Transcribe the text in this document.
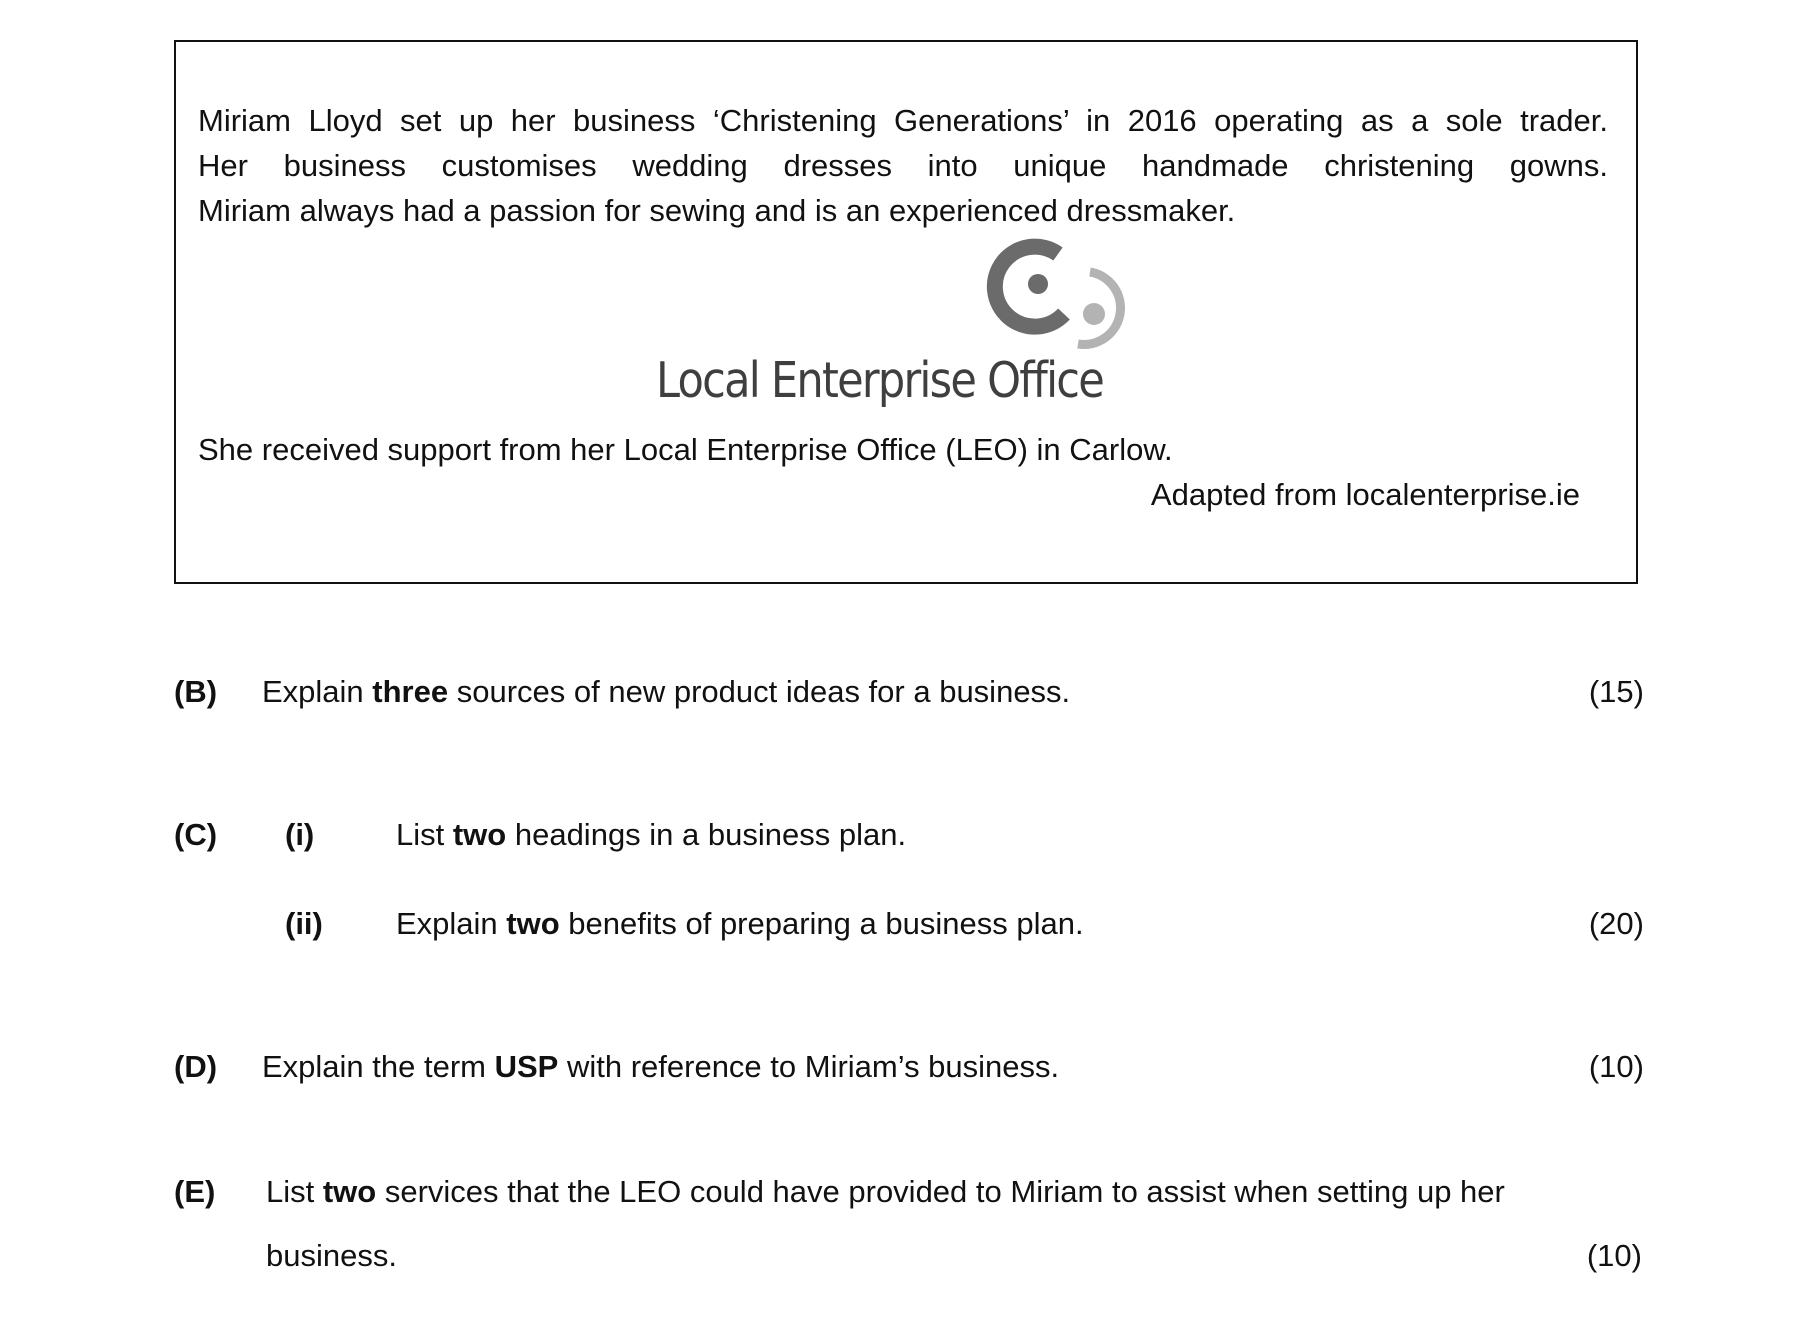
Miriam Lloyd set up her business ‘Christening Generations’ in 2016 operating as a sole trader.
Her business customises wedding dresses into unique handmade christening gowns.
Miriam always had a passion for sewing and is an experienced dressmaker.

Local Enterprise Office

She received support from her Local Enterprise Office (LEO) in Carlow.

Adapted from localenterprise.ie

(B) Explain three sources of new product ideas for a business.	(15)
(C) (i)	List two headings in a business plan.
(ii) Explain two benefits of preparing a business plan.	(20)
(D) Explain the term USP with reference to Miriam’s business.	(10)
(E) List two services that the LEO could have provided to Miriam to assist when setting up her
business.	(10)
